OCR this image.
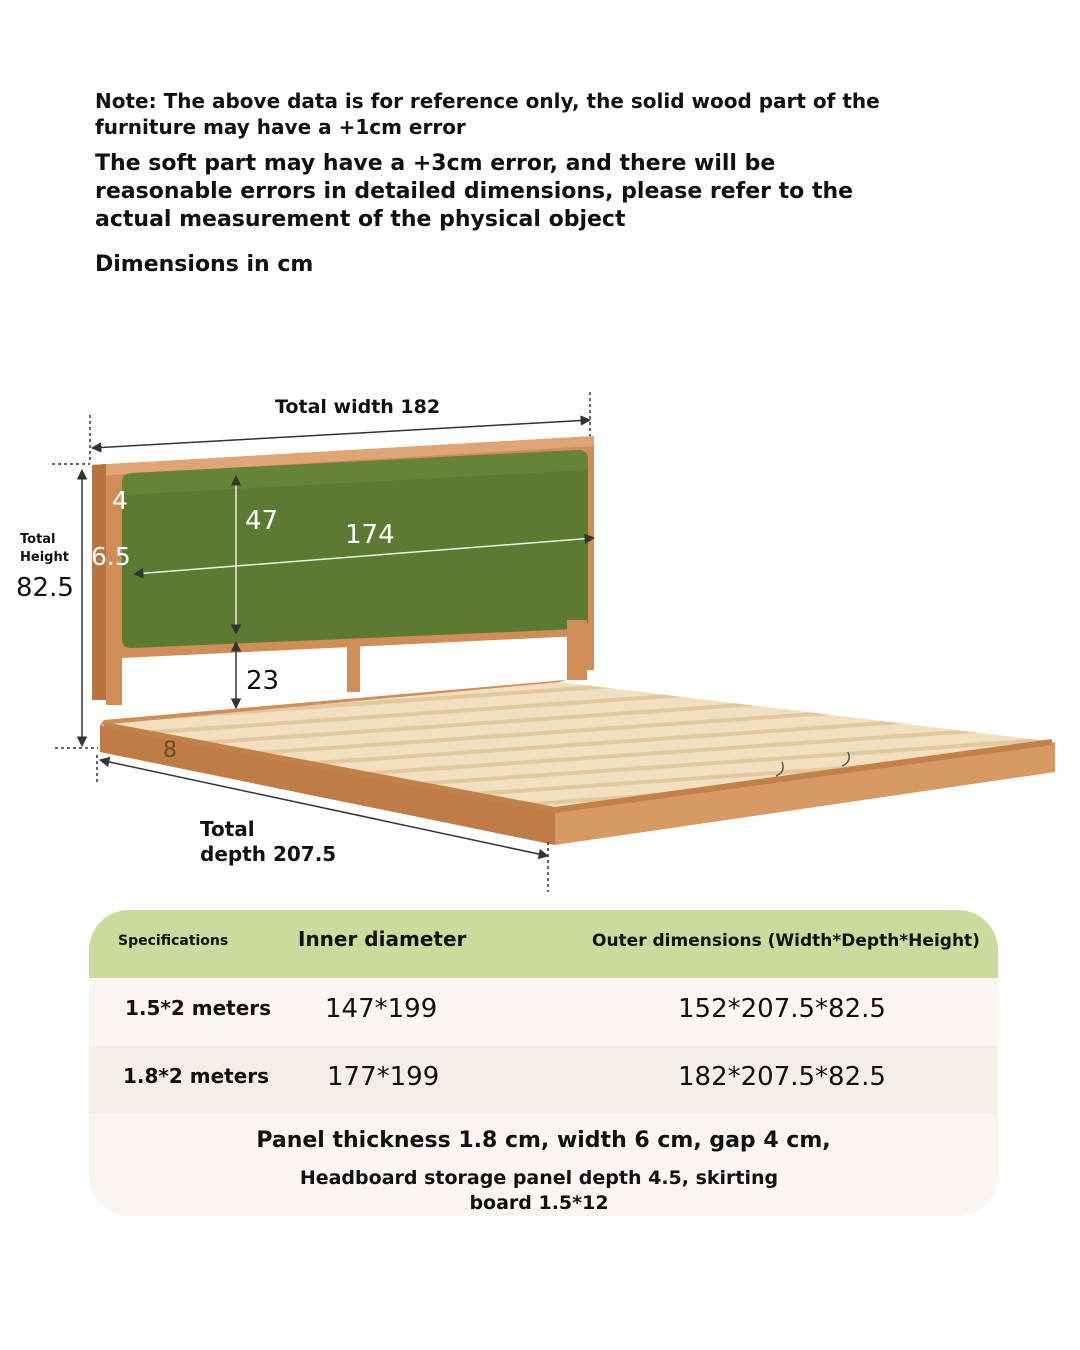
Note: The above data is for reference only, the solid wood part of the furniture may have a +1cm error

The soft part may have a +3cm error, and there will be reasonable errors in detailed dimensions, please refer to the actual measurement of the physical object

Dimensions in cm

Total width 182
Total
Height
82.5
4
6.5
47	174
23
8
Total
depth 207.5
Specifications	Inner diameter	Outer dimensions (Width*Depth*Height)
1.5*2 meters 147*199	152*207.5*82.5
1.8*2 meters 177*199	182*207.5*82.5
Panel thickness 1.8 cm, width 6 cm, gap 4 cm,
Headboard storage panel depth 4.5, skirting board 1.5*12
